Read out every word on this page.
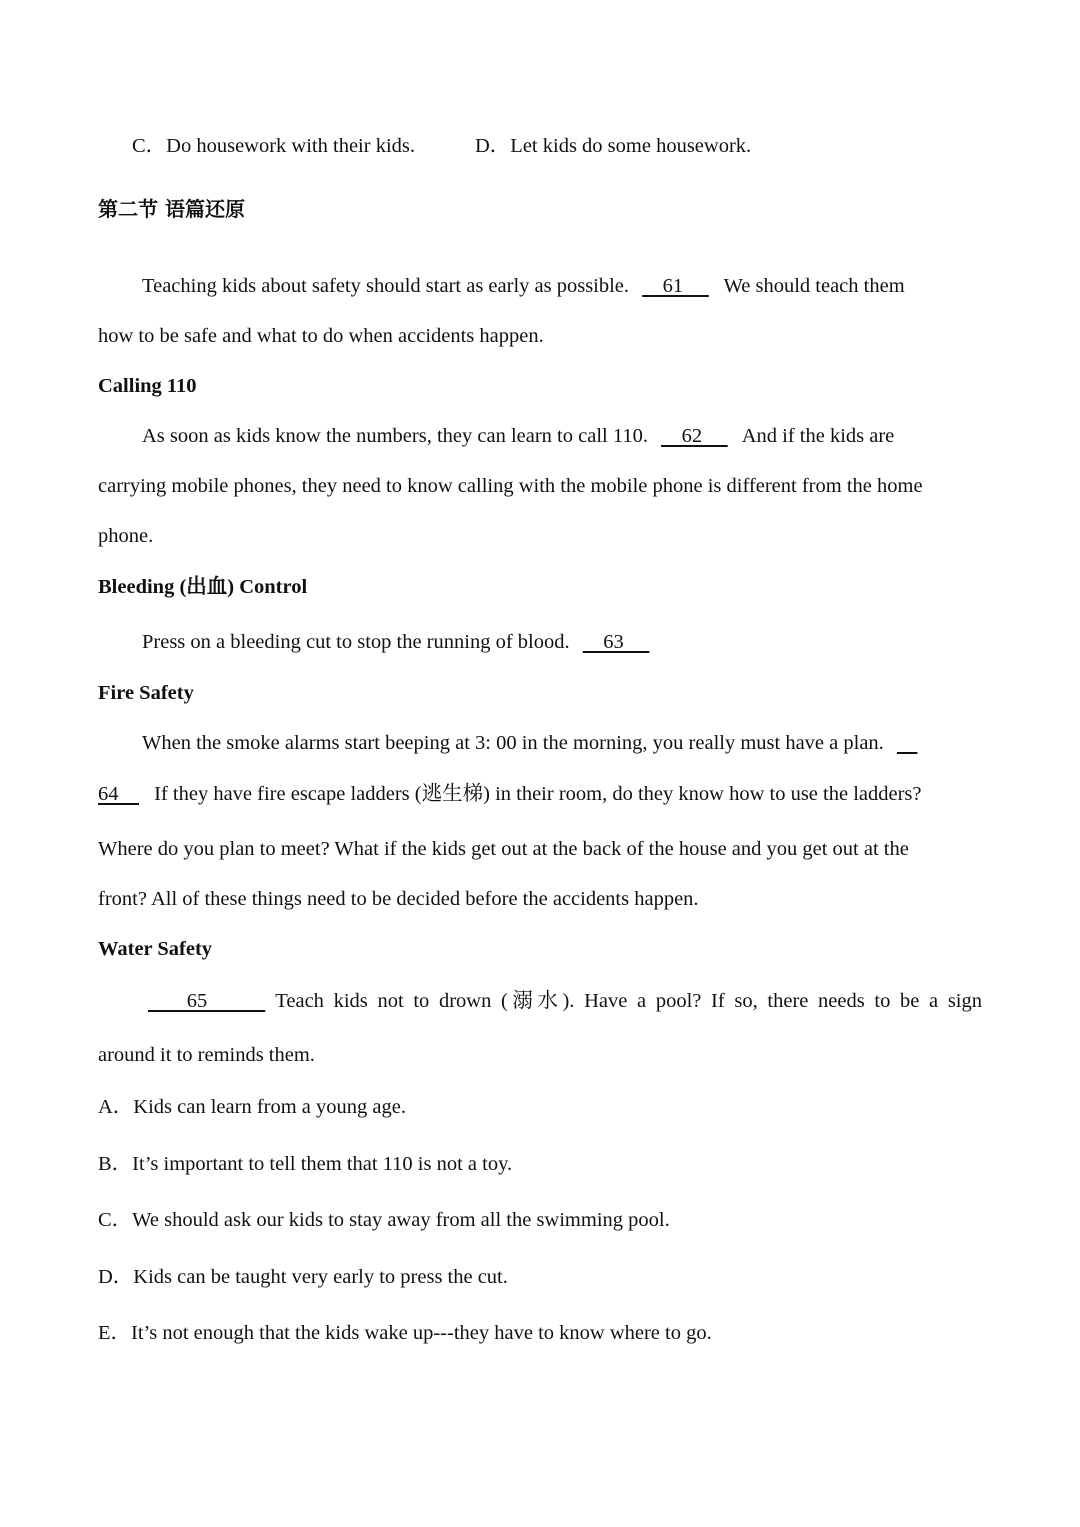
C．Do housework with their kids.	D．Let kids do some housework.
第二节 语篇还原
Teaching kids about safety should start as early as possible.     61      We should teach them
how to be safe and what to do when accidents happen.
Calling 110
As soon as kids know the numbers, they can learn to call 110.     62      And if the kids are
carrying mobile phones, they need to know calling with the mobile phone is different from the home
phone.
Bleeding (出血) Control
Press on a bleeding cut to stop the running of blood.     63
Fire Safety
When the smoke alarms start beeping at 3: 00 in the morning, you really must have a plan.
64     If they have fire escape ladders (逃生梯) in their room, do they know how to use the ladders?
Where do you plan to meet? What if the kids get out at the back of the house and you get out at the
front? All of these things need to be decided before the accidents happen.
Water Safety
65      Teach kids not to drown (溺水). Have a pool? If so, there needs to be a sign
around it to reminds them.
A．Kids can learn from a young age.
B．It’s important to tell them that 110 is not a toy.
C．We should ask our kids to stay away from all the swimming pool.
D．Kids can be taught very early to press the cut.
E．It’s not enough that the kids wake up---they have to know where to go.
